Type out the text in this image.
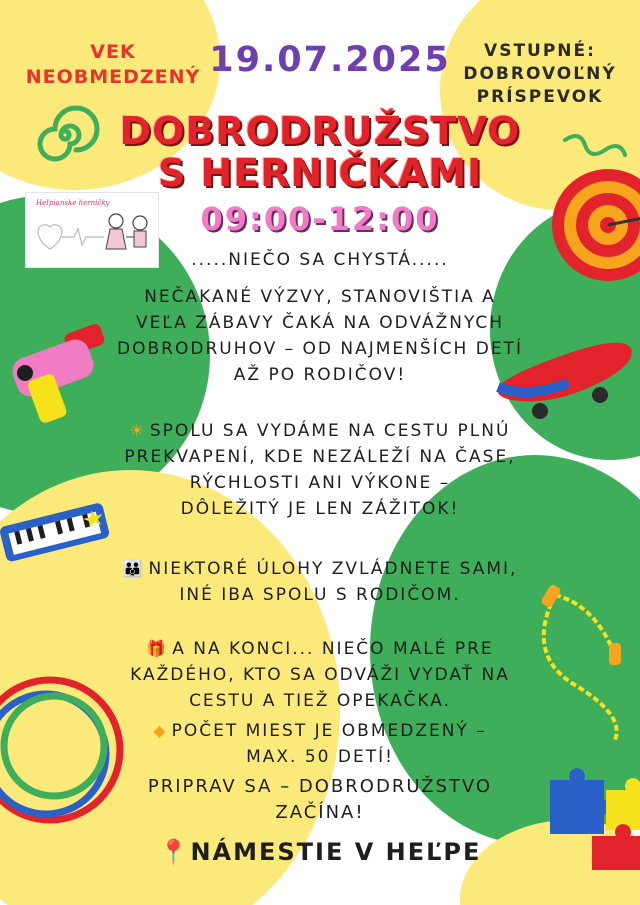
Heľpianske herničky
VEK
NEOBMEDZENÝ 19.07.2025	VSTUPNÉ:
DOBROVOĽNÝ
PRÍSPEVOK
DOBRODRUŽSTVO
S HERNIČKAMI
09:00-12:00
.....NIEČO SA CHYSTÁ.....
NEČAKANÉ VÝZVY, STANOVIŠTIA A
VEĽA ZÁBAVY ČAKÁ NA ODVÁŽNYCH
DOBRODRUHOV – OD NAJMENŠÍCH DETÍ
AŽ PO RODIČOV!
☀ SPOLU SA VYDÁME NA CESTU PLNÚ
PREKVAPENÍ, KDE NEZÁLEŽÍ NA ČASE,
RÝCHLOSTI ANI VÝKONE –
DÔLEŽITÝ JE LEN ZÁŽITOK!
👪 NIEKTORÉ ÚLOHY ZVLÁDNETE SAMI,
INÉ IBA SPOLU S RODIČOM.
🎁 A NA KONCI... NIEČO MALÉ PRE
KAŽDÉHO, KTO SA ODVÁŽI VYDAŤ NA
CESTU A TIEŽ OPEKAČKA.
◆ POČET MIEST JE OBMEDZENÝ –
MAX. 50 DETÍ!
PRIPRAV SA – DOBRODRUŽSTVO
ZAČÍNA!
📍NÁMESTIE V HEĽPE
